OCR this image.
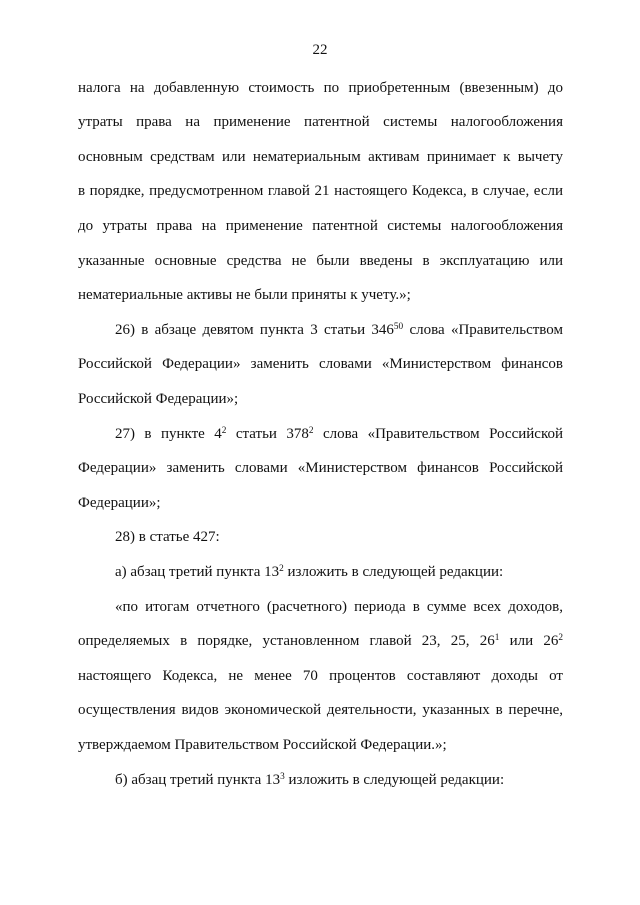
22
налога на добавленную стоимость по приобретенным (ввезенным) до
утраты права на применение патентной системы налогообложения
основным средствам или нематериальным активам принимает к вычету
в порядке, предусмотренном главой 21 настоящего Кодекса, в случае, если
до утраты права на применение патентной системы налогообложения
указанные основные средства не были введены в эксплуатацию или
нематериальные активы не были приняты к учету.»;
26) в абзаце девятом пункта 3 статьи $346^{50}$ слова «Правительством
Российской Федерации» заменить словами «Министерством финансов
Российской Федерации»;
27) в пункте $4^2$ статьи $378^2$ слова «Правительством Российской
Федерации» заменить словами «Министерством финансов Российской
Федерации»;
28) в статье 427:
а) абзац третий пункта $13^2$ изложить в следующей редакции:
«по итогам отчетного (расчетного) периода в сумме всех доходов,
определяемых в порядке, установленном главой 23, 25, $26^1$ или $26^2$
настоящего Кодекса, не менее 70 процентов составляют доходы от
осуществления видов экономической деятельности, указанных в перечне,
утверждаемом Правительством Российской Федерации.»;
б) абзац третий пункта $13^3$ изложить в следующей редакции:
